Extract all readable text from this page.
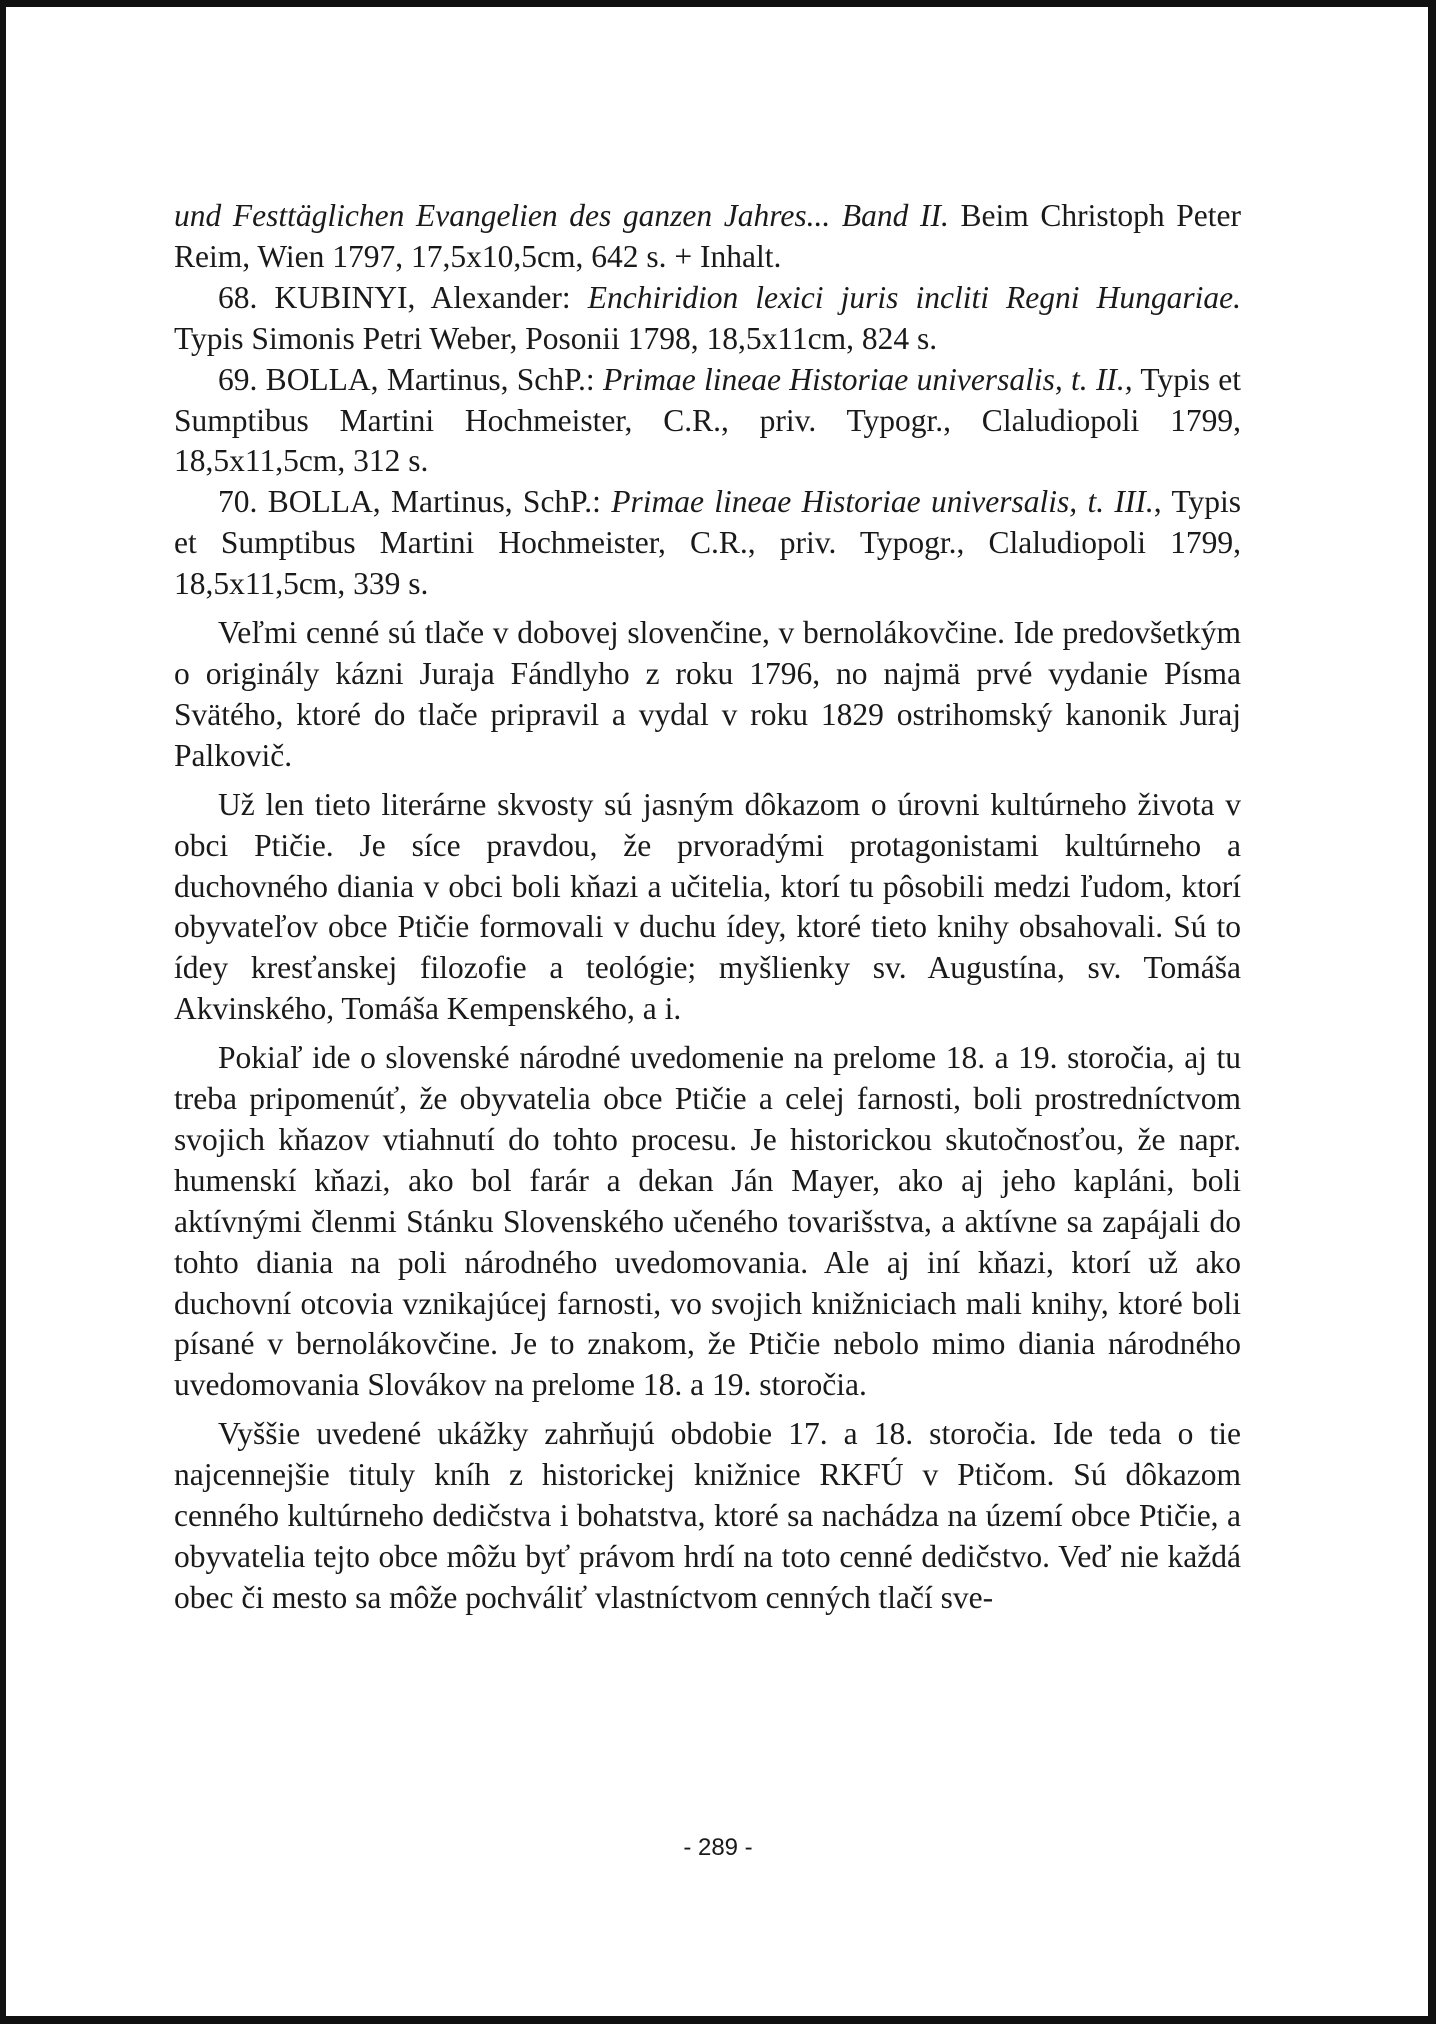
und Festtäglichen Evangelien des ganzen Jahres... Band II. Beim Christoph Peter Reim, Wien 1797, 17,5x10,5cm, 642 s. + Inhalt.

68. KUBINYI, Alexander: Enchiridion lexici juris incliti Regni Hungariae. Typis Simonis Petri Weber, Posonii 1798, 18,5x11cm, 824 s.

69. BOLLA, Martinus, SchP.: Primae lineae Historiae universalis, t. II., Typis et Sumptibus Martini Hochmeister, C.R., priv. Typogr., Claludiopoli 1799, 18,5x11,5cm, 312 s.

70. BOLLA, Martinus, SchP.: Primae lineae Historiae universalis, t. III., Typis et Sumptibus Martini Hochmeister, C.R., priv. Typogr., Claludiopoli 1799, 18,5x11,5cm, 339 s.

Veľmi cenné sú tlače v dobovej slovenčine, v bernolákovčine. Ide predovšetkým o originály kázni Juraja Fándlyho z roku 1796, no najmä prvé vydanie Písma Svätého, ktoré do tlače pripravil a vydal v roku 1829 ostrihomský kanonik Juraj Palkovič.

Už len tieto literárne skvosty sú jasným dôkazom o úrovni kultúrneho života v obci Ptičie. Je síce pravdou, že prvoradými protagonistami kultúrneho a duchovného diania v obci boli kňazi a učitelia, ktorí tu pôsobili medzi ľudom, ktorí obyvateľov obce Ptičie formovali v duchu ídey, ktoré tieto knihy obsahovali. Sú to ídey kresťanskej filozofie a teológie; myšlienky sv. Augustína, sv. Tomáša Akvinského, Tomáša Kempenského, a i.

Pokiaľ ide o slovenské národné uvedomenie na prelome 18. a 19. storočia, aj tu treba pripomenúť, že obyvatelia obce Ptičie a celej farnosti, boli prostredníctvom svojich kňazov vtiahnutí do tohto procesu. Je historickou skutočnosťou, že napr. humenskí kňazi, ako bol farár a dekan Ján Mayer, ako aj jeho kapláni, boli aktívnými členmi Stánku Slovenského učeného tovarišstva, a aktívne sa zapájali do tohto diania na poli národného uvedomovania. Ale aj iní kňazi, ktorí už ako duchovní otcovia vznikajúcej farnosti, vo svojich knižniciach mali knihy, ktoré boli písané v bernolákovčine. Je to znakom, že Ptičie nebolo mimo diania národného uvedomovania Slovákov na prelome 18. a 19. storočia.

Vyššie uvedené ukážky zahrňujú obdobie 17. a 18. storočia. Ide teda o tie najcennejšie tituly kníh z historickej knižnice RKFÚ v Ptičom. Sú dôkazom cenného kultúrneho dedičstva i bohatstva, ktoré sa nachádza na území obce Ptičie, a obyvatelia tejto obce môžu byť právom hrdí na toto cenné dedičstvo. Veď nie každá obec či mesto sa môže pochváliť vlastníctvom cenných tlačí sve-

- 289 -
